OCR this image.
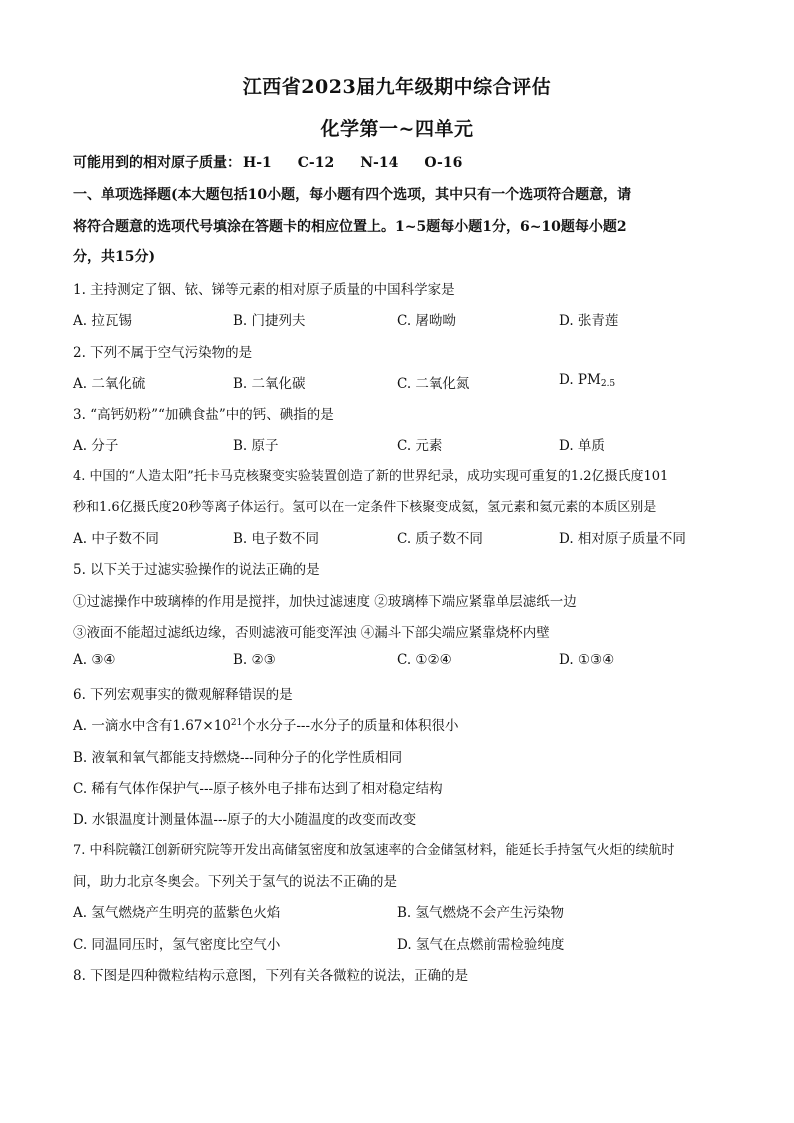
江西省2023届九年级期中综合评估
化学第一~四单元
可能用到的相对原子质量： H-1 C-12 N-14 O-16
一、单项选择题(本大题包括10小题，每小题有四个选项，其中只有一个选项符合题意，请
将符合题意的选项代号填涂在答题卡的相应位置上。1~5题每小题1分，6~10题每小题2
分，共15分)
1. 主持测定了铟、铱、锑等元素的相对原子质量的中国科学家是
A. 拉瓦锡	B. 门捷列夫	C. 屠呦呦	D. 张青莲
2. 下列不属于空气污染物的是
A. 二氧化硫	B. 二氧化碳	C. 二氧化氮	D. $PM_{2.5}$
3. “高钙奶粉”“加碘食盐”中的钙、碘指的是
A. 分子	B. 原子	C. 元素	D. 单质
4. 中国的“人造太阳”托卡马克核聚变实验装置创造了新的世界纪录，成功实现可重复的1.2亿摄氏度101
秒和1.6亿摄氏度20秒等离子体运行。氢可以在一定条件下核聚变成氦，氢元素和氦元素的本质区别是
A. 中子数不同	B. 电子数不同	C. 质子数不同	D. 相对原子质量不同
5. 以下关于过滤实验操作的说法正确的是
①过滤操作中玻璃棒的作用是搅拌，加快过滤速度 ②玻璃棒下端应紧靠单层滤纸一边
③液面不能超过滤纸边缘，否则滤液可能变浑浊 ④漏斗下部尖端应紧靠烧杯内壁
A. ③④	B. ②③	C. ①②④	D. ①③④
6. 下列宏观事实的微观解释错误的是
A. 一滴水中含有$1.67\times 10^{21}$个水分子---水分子的质量和体积很小
B. 液氧和氧气都能支持燃烧---同种分子的化学性质相同
C. 稀有气体作保护气---原子核外电子排布达到了相对稳定结构
D. 水银温度计测量体温---原子的大小随温度的改变而改变
7. 中科院赣江创新研究院等开发出高储氢密度和放氢速率的合金储氢材料，能延长手持氢气火炬的续航时
间，助力北京冬奥会。下列关于氢气的说法不正确的是
A. 氢气燃烧产生明亮的蓝紫色火焰	B. 氢气燃烧不会产生污染物
C. 同温同压时，氢气密度比空气小	D. 氢气在点燃前需检验纯度
8. 下图是四种微粒结构示意图，下列有关各微粒的说法，正确的是
